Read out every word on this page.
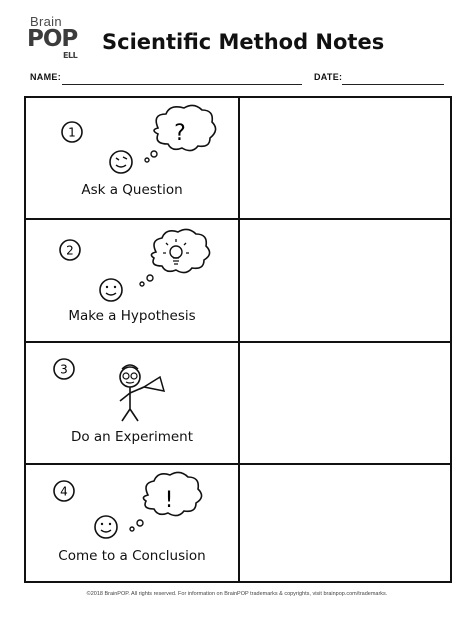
Brain
POP
ELL
Scientific Method Notes
NAME:	DATE:
1	?
Ask a Question
2
Make a Hypothesis
3
Do an Experiment
4	!
Come to a Conclusion
©2018 BrainPOP. All rights reserved. For information on BrainPOP trademarks & copyrights, visit brainpop.com/trademarks.
